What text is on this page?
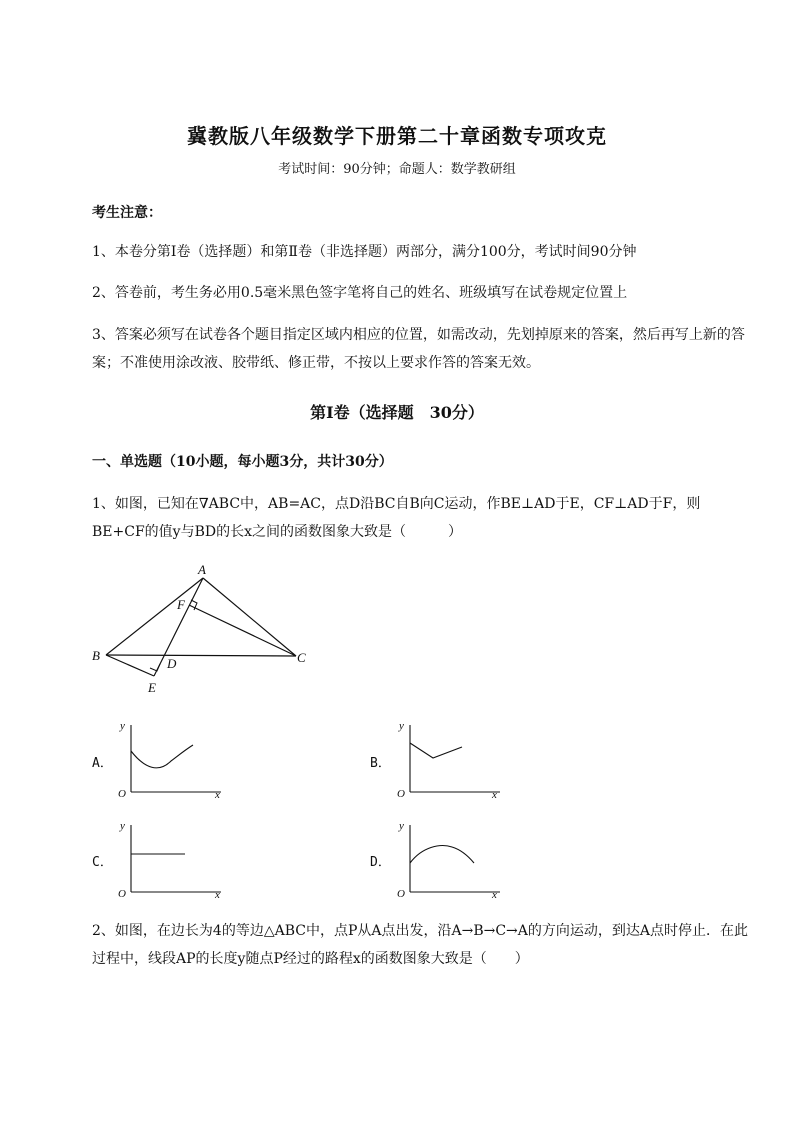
冀教版八年级数学下册第二十章函数专项攻克
考试时间：90分钟；命题人：数学教研组
考生注意：
1、本卷分第I卷（选择题）和第Ⅱ卷（非选择题）两部分，满分100分，考试时间90分钟
2、答卷前，考生务必用0.5毫米黑色签字笔将自己的姓名、班级填写在试卷规定位置上
3、答案必须写在试卷各个题目指定区域内相应的位置，如需改动，先划掉原来的答案，然后再写上新的答案；不准使用涂改液、胶带纸、修正带，不按以上要求作答的答案无效。
第I卷（选择题　30分）
一、单选题（10小题，每小题3分，共计30分）
1、如图，已知在∇ABC中，AB=AC，点D沿BC自B向C运动，作BE⊥AD于E，CF⊥AD于F，则BE+CF的值y与BD的长x之间的函数图象大致是（　　　）
A
B	C
D
E
F
A．
y
O	x
B．
y
O	x
C．
y
O	x
D．
y
O	x
2、如图，在边长为4的等边△ABC中，点P从A点出发，沿A→B→C→A的方向运动，到达A点时停止．在此过程中，线段AP的长度y随点P经过的路程x的函数图象大致是（　　）
